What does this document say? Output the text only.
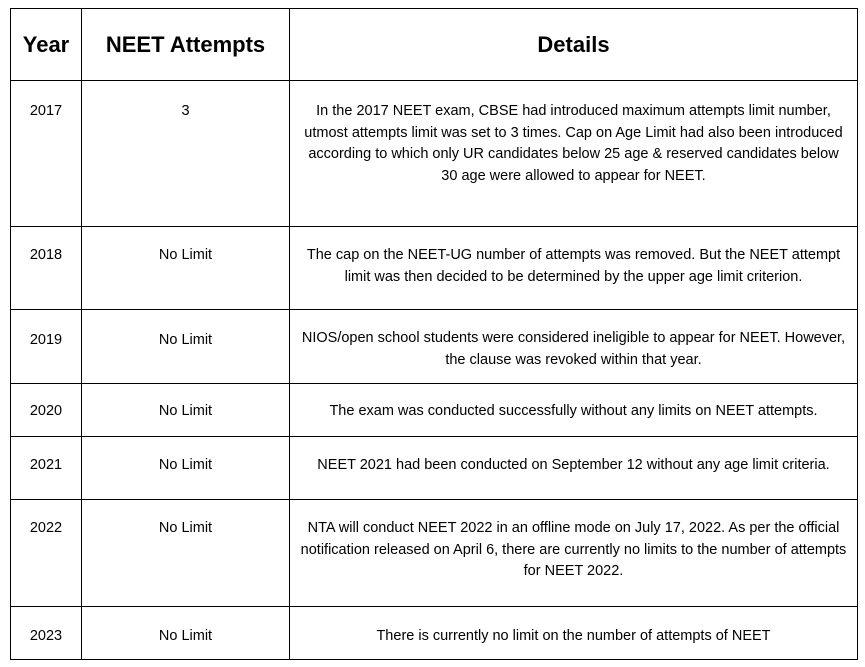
Year	NEET Attempts	Details
2017	3	In the 2017 NEET exam, CBSE had introduced maximum attempts limit number, utmost attempts limit was set to 3 times. Cap on Age Limit had also been introduced according to which only UR candidates below 25 age & reserved candidates below 30 age were allowed to appear for NEET.
2018	No Limit	The cap on the NEET-UG number of attempts was removed. But the NEET attempt limit was then decided to be determined by the upper age limit criterion.
2019	No Limit	NIOS/open school students were considered ineligible to appear for NEET. However, the clause was revoked within that year.
2020	No Limit	The exam was conducted successfully without any limits on NEET attempts.
2021	No Limit	NEET 2021 had been conducted on September 12 without any age limit criteria.
2022	No Limit	NTA will conduct NEET 2022 in an offline mode on July 17, 2022. As per the official notification released on April 6, there are currently no limits to the number of attempts for NEET 2022.
2023	No Limit	There is currently no limit on the number of attempts of NEET
